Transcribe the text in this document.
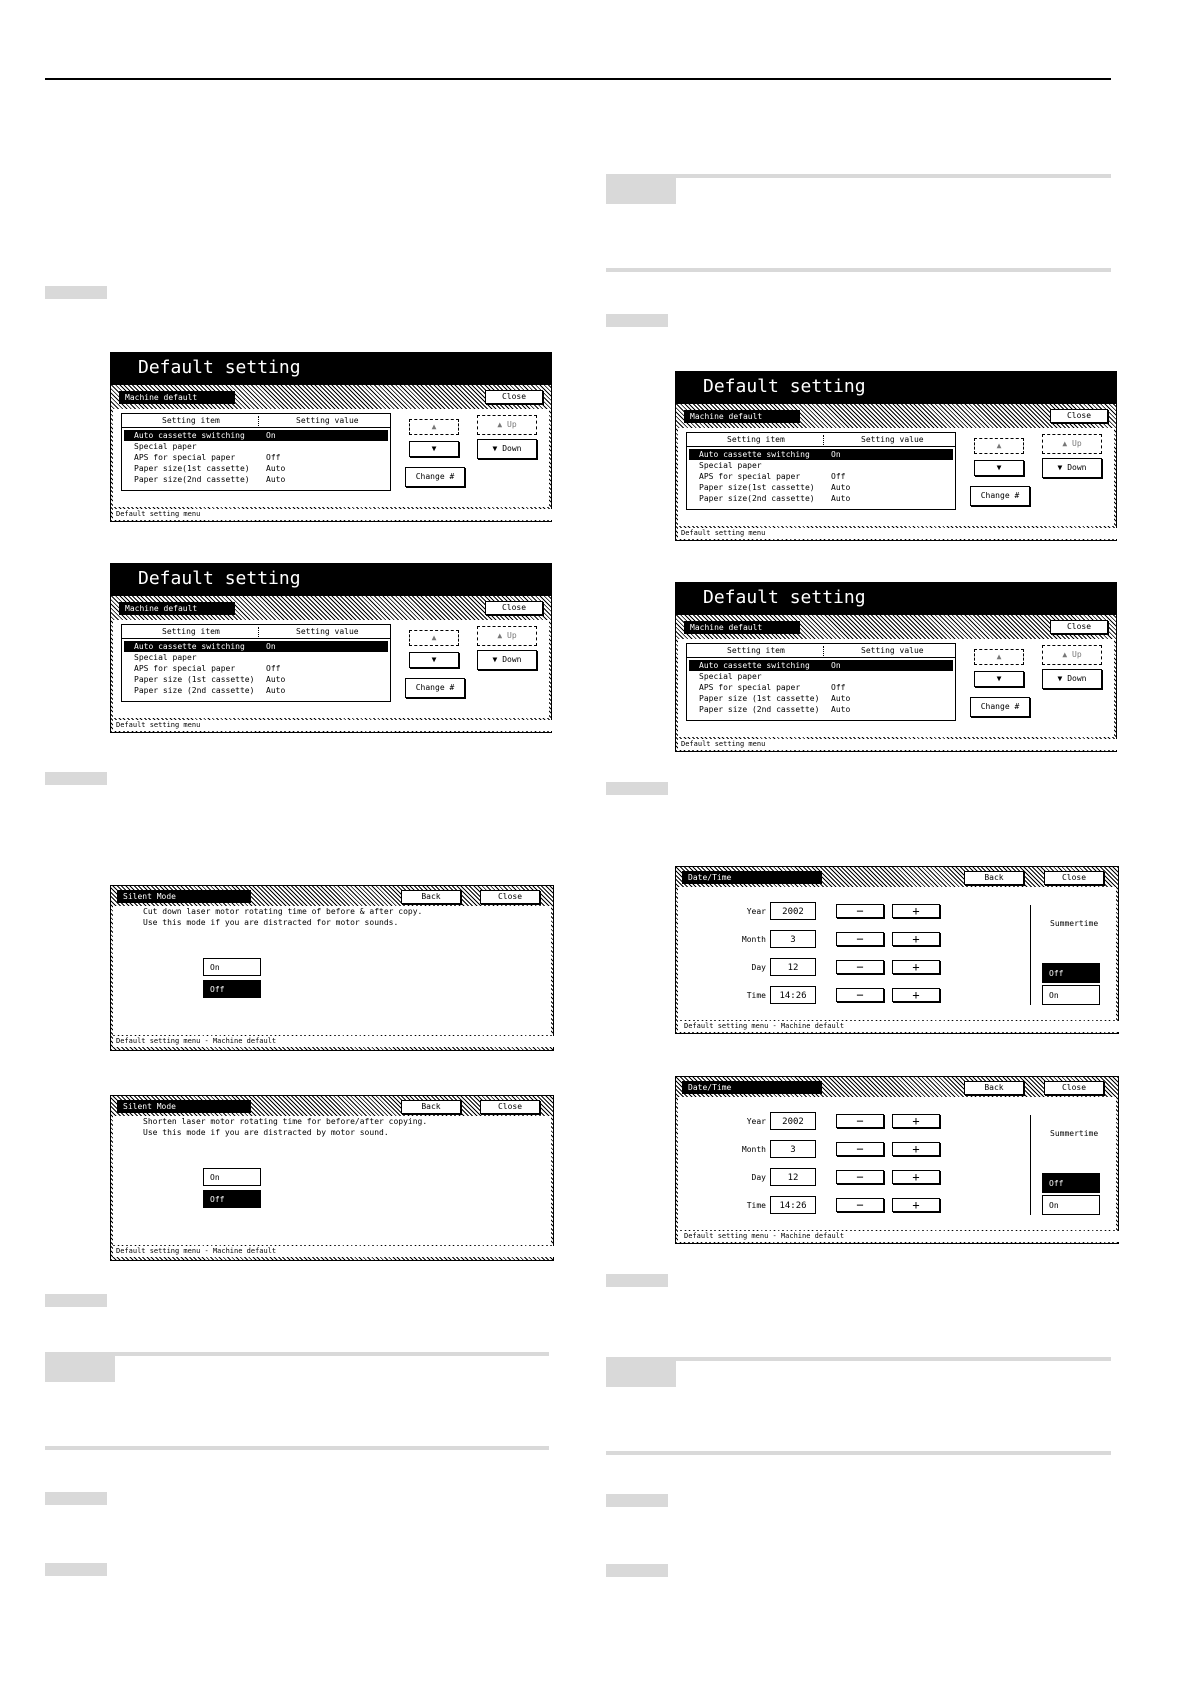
Default setting
Machine default	Close
Setting item	Setting value
Auto cassette switching	On
Special paper
APS for special paper	Off
Paper size(1st cassette) Auto
Paper size(2nd cassette) Auto
▲
▼
▲ Up
▼ Down
Change #
Default setting menu
Default setting
Machine default	Close
Setting item	Setting value
Auto cassette switching	On
Special paper
APS for special paper	Off
Paper size (1st cassette) Auto
Paper size (2nd cassette) Auto
▲
▼
▲ Up
▼ Down
Change #
Default setting menu
Default setting
Machine default	Close
Setting item	Setting value
Auto cassette switching	On
Special paper
APS for special paper	Off
Paper size(1st cassette) Auto
Paper size(2nd cassette) Auto
▲
▼
▲ Up
▼ Down
Change #
Default setting menu
Default setting
Machine default	Close
Setting item	Setting value
Auto cassette switching	On
Special paper
APS for special paper	Off
Paper size (1st cassette) Auto
Paper size (2nd cassette) Auto
▲
▼
▲ Up
▼ Down
Change #
Default setting menu
Silent Mode	Back	Close
Cut down laser motor rotating time of before & after copy.
Use this mode if you are distracted for motor sounds.
On
Off
Default setting menu - Machine default
Silent Mode	Back	Close
Shorten laser motor rotating time for before/after copying.
Use this mode if you are distracted by motor sound.
On
Off
Default setting menu - Machine default
Date/Time	Back	Close
Year	2002	−	+
Month	3	−	+
Day	12	−	+
Time	14:26	−	+
Summertime
Off
On
Default setting menu - Machine default
Date/Time	Back	Close
Year	2002	−	+
Month	3	−	+
Day	12	−	+
Time	14:26	−	+
Summertime
Off
On
Default setting menu - Machine default
